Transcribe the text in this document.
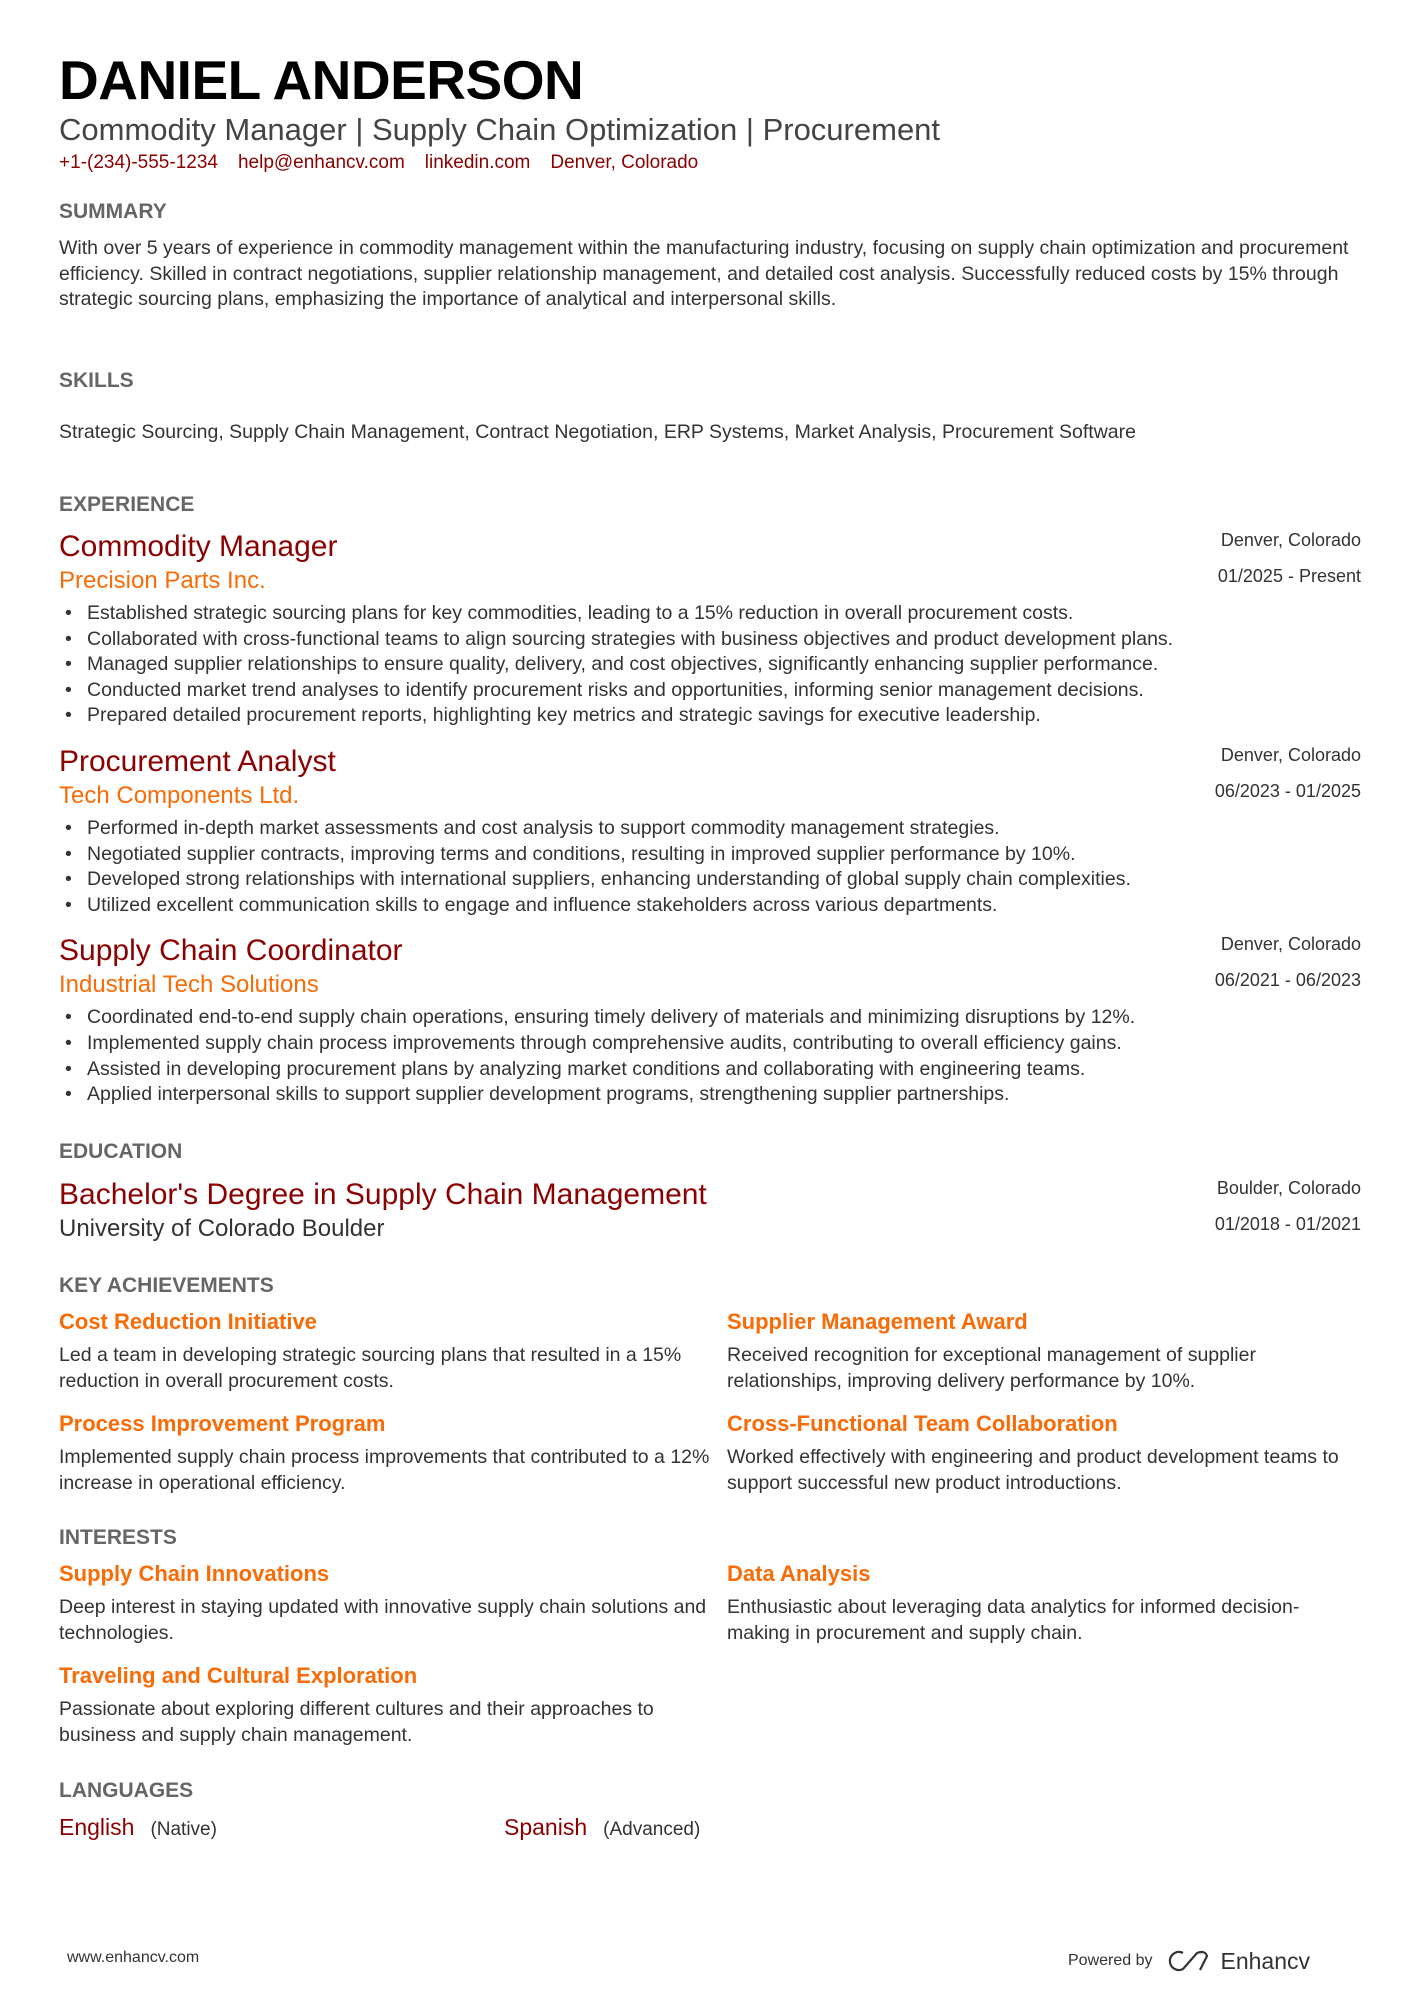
DANIEL ANDERSON
Commodity Manager | Supply Chain Optimization | Procurement
+1-(234)-555-1234 help@enhancv.com linkedin.com Denver, Colorado
SUMMARY
With over 5 years of experience in commodity management within the manufacturing industry, focusing on supply chain optimization and procurement efficiency. Skilled in contract negotiations, supplier relationship management, and detailed cost analysis. Successfully reduced costs by 15% through strategic sourcing plans, emphasizing the importance of analytical and interpersonal skills.
SKILLS
Strategic Sourcing, Supply Chain Management, Contract Negotiation, ERP Systems, Market Analysis, Procurement Software
EXPERIENCE
Commodity Manager
Precision Parts Inc.
Denver, Colorado
01/2025 - Present
• Established strategic sourcing plans for key commodities, leading to a 15% reduction in overall procurement costs.
• Collaborated with cross-functional teams to align sourcing strategies with business objectives and product development plans.
• Managed supplier relationships to ensure quality, delivery, and cost objectives, significantly enhancing supplier performance.
• Conducted market trend analyses to identify procurement risks and opportunities, informing senior management decisions.
• Prepared detailed procurement reports, highlighting key metrics and strategic savings for executive leadership.
Procurement Analyst
Tech Components Ltd.
Denver, Colorado
06/2023 - 01/2025
• Performed in-depth market assessments and cost analysis to support commodity management strategies.
• Negotiated supplier contracts, improving terms and conditions, resulting in improved supplier performance by 10%.
• Developed strong relationships with international suppliers, enhancing understanding of global supply chain complexities.
• Utilized excellent communication skills to engage and influence stakeholders across various departments.
Supply Chain Coordinator
Industrial Tech Solutions
Denver, Colorado
06/2021 - 06/2023
• Coordinated end-to-end supply chain operations, ensuring timely delivery of materials and minimizing disruptions by 12%.
• Implemented supply chain process improvements through comprehensive audits, contributing to overall efficiency gains.
• Assisted in developing procurement plans by analyzing market conditions and collaborating with engineering teams.
• Applied interpersonal skills to support supplier development programs, strengthening supplier partnerships.
EDUCATION
Bachelor's Degree in Supply Chain Management
University of Colorado Boulder
Boulder, Colorado
01/2018 - 01/2021
KEY ACHIEVEMENTS
Cost Reduction Initiative
Led a team in developing strategic sourcing plans that resulted in a 15% reduction in overall procurement costs.
Supplier Management Award
Received recognition for exceptional management of supplier relationships, improving delivery performance by 10%.
Process Improvement Program
Implemented supply chain process improvements that contributed to a 12% increase in operational efficiency.
Cross-Functional Team Collaboration
Worked effectively with engineering and product development teams to support successful new product introductions.
INTERESTS
Supply Chain Innovations
Deep interest in staying updated with innovative supply chain solutions and technologies.
Data Analysis
Enthusiastic about leveraging data analytics for informed decision-making in procurement and supply chain.
Traveling and Cultural Exploration
Passionate about exploring different cultures and their approaches to business and supply chain management.
LANGUAGES
English (Native)	Spanish (Advanced)
www.enhancv.com	Powered by	Enhancv
